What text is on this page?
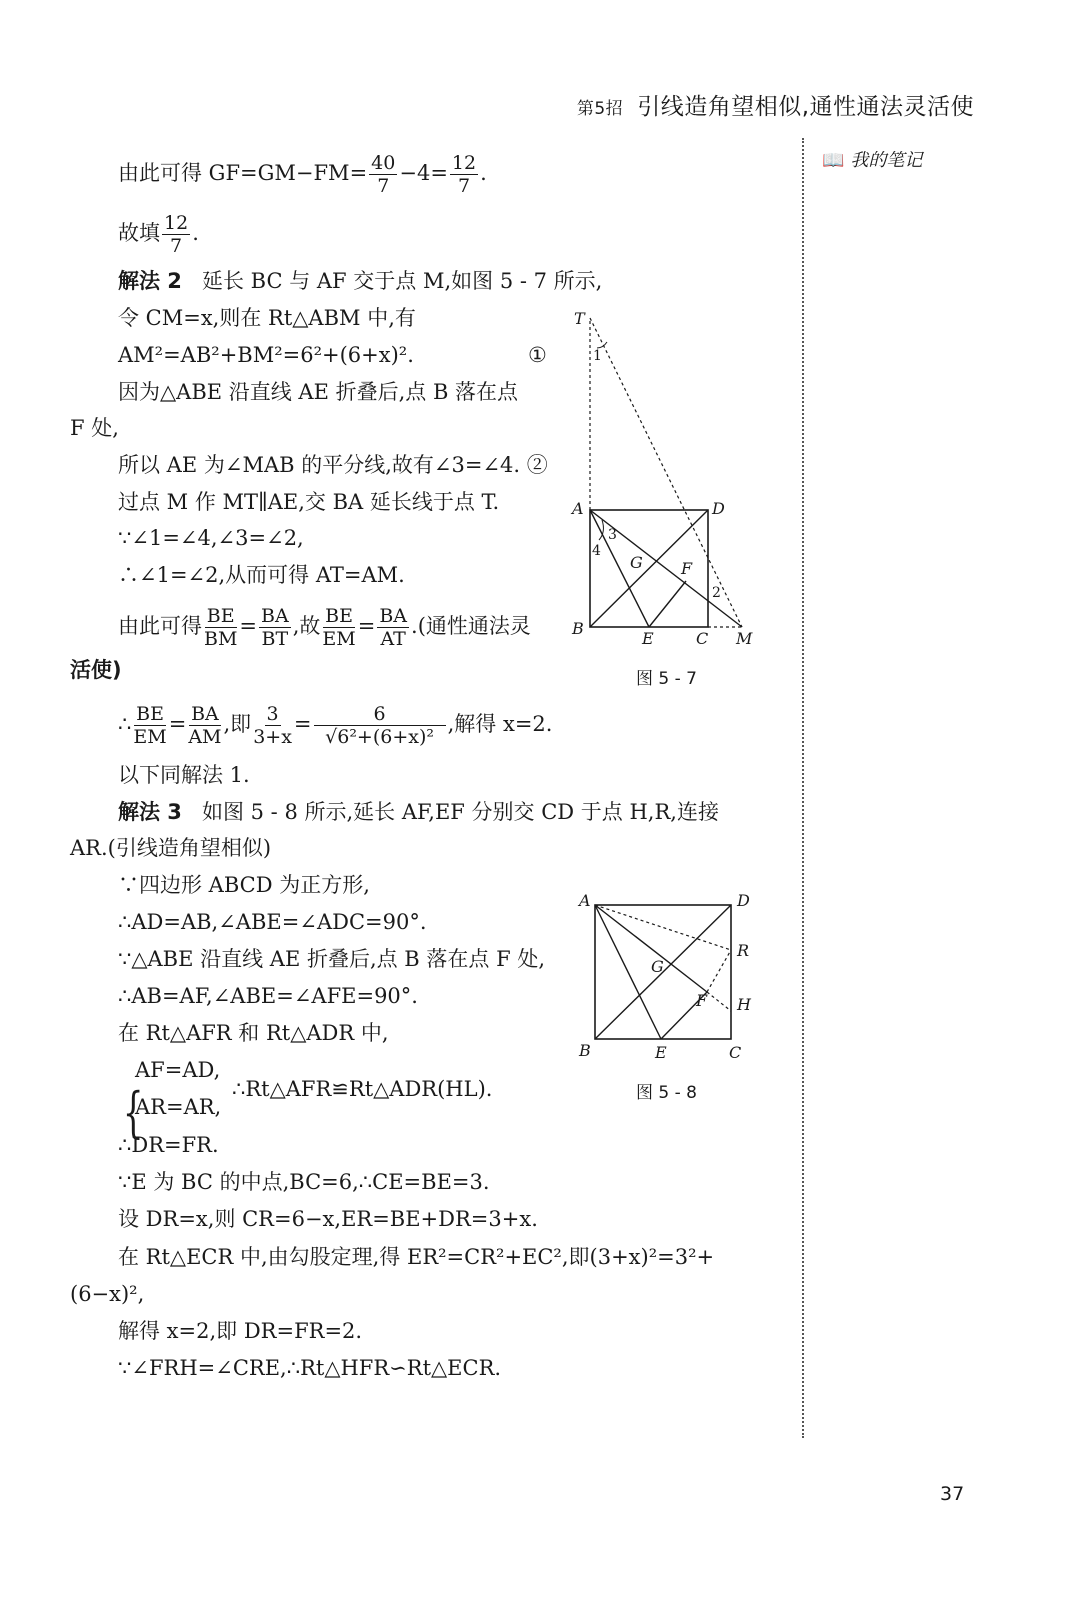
第5招 引线造角望相似,通性通法灵活使
📖 我的笔记
由此可得 $GF=GM-FM= \frac{40}{7} -4= \frac{12}{7}$ .
故填 $\frac{12}{7}$ .
解法 2 延长 BC 与 AF 交于点 M,如图 5 - 7 所示,
令 CM=x,则在 Rt△ABM 中,有
AM²=AB²+BM²=6²+(6+x)².	①
因为△ABE 沿直线 AE 折叠后,点 B 落在点
F 处,
所以 AE 为∠MAB 的平分线,故有∠3=∠4. ②
过点 M 作 MT∥AE,交 BA 延长线于点 T.
∵∠1=∠4,∠3=∠2,
∴∠1=∠2,从而可得 AT=AM.
由此可得 $\frac{BE}{BM} = \frac{BA}{BT}$ ,故 $\frac{BE}{EM} = \frac{BA}{AT}$ .(通性通法灵
活使)
∴ $\frac{BE}{EM} = \frac{BA}{AM}$ ,即 $\frac{3}{3+x} = \frac{6}{\text{√6²+(6+x)²}}$ ,解得 x=2.
以下同解法 1.
解法 3 如图 5 - 8 所示,延长 AF,EF 分别交 CD 于点 H,R,连接
AR.(引线造角望相似)
∵四边形 ABCD 为正方形,
∴AD=AB,∠ABE=∠ADC=90°.
∵△ABE 沿直线 AE 折叠后,点 B 落在点 F 处,
∴AB=AF,∠ABE=∠AFE=90°.
在 Rt△AFR 和 Rt△ADR 中,
{
AF=AD,
AR=AR,
∴Rt△AFR≌Rt△ADR(HL).
∴DR=FR.
∵E 为 BC 的中点,BC=6,∴CE=BE=3.
设 DR=x,则 CR=6−x,ER=BE+DR=3+x.
在 Rt△ECR 中,由勾股定理,得 ER²=CR²+EC²,即(3+x)²=3²+
(6−x)²,
解得 x=2,即 DR=FR=2.
∵∠FRH=∠CRE,∴Rt△HFR∽Rt△ECR.
T
A	D
B
E	C M
G F
1
2
3
4
图 5 - 7
A	D
B	E	C
R
H
G
F
图 5 - 8
37
